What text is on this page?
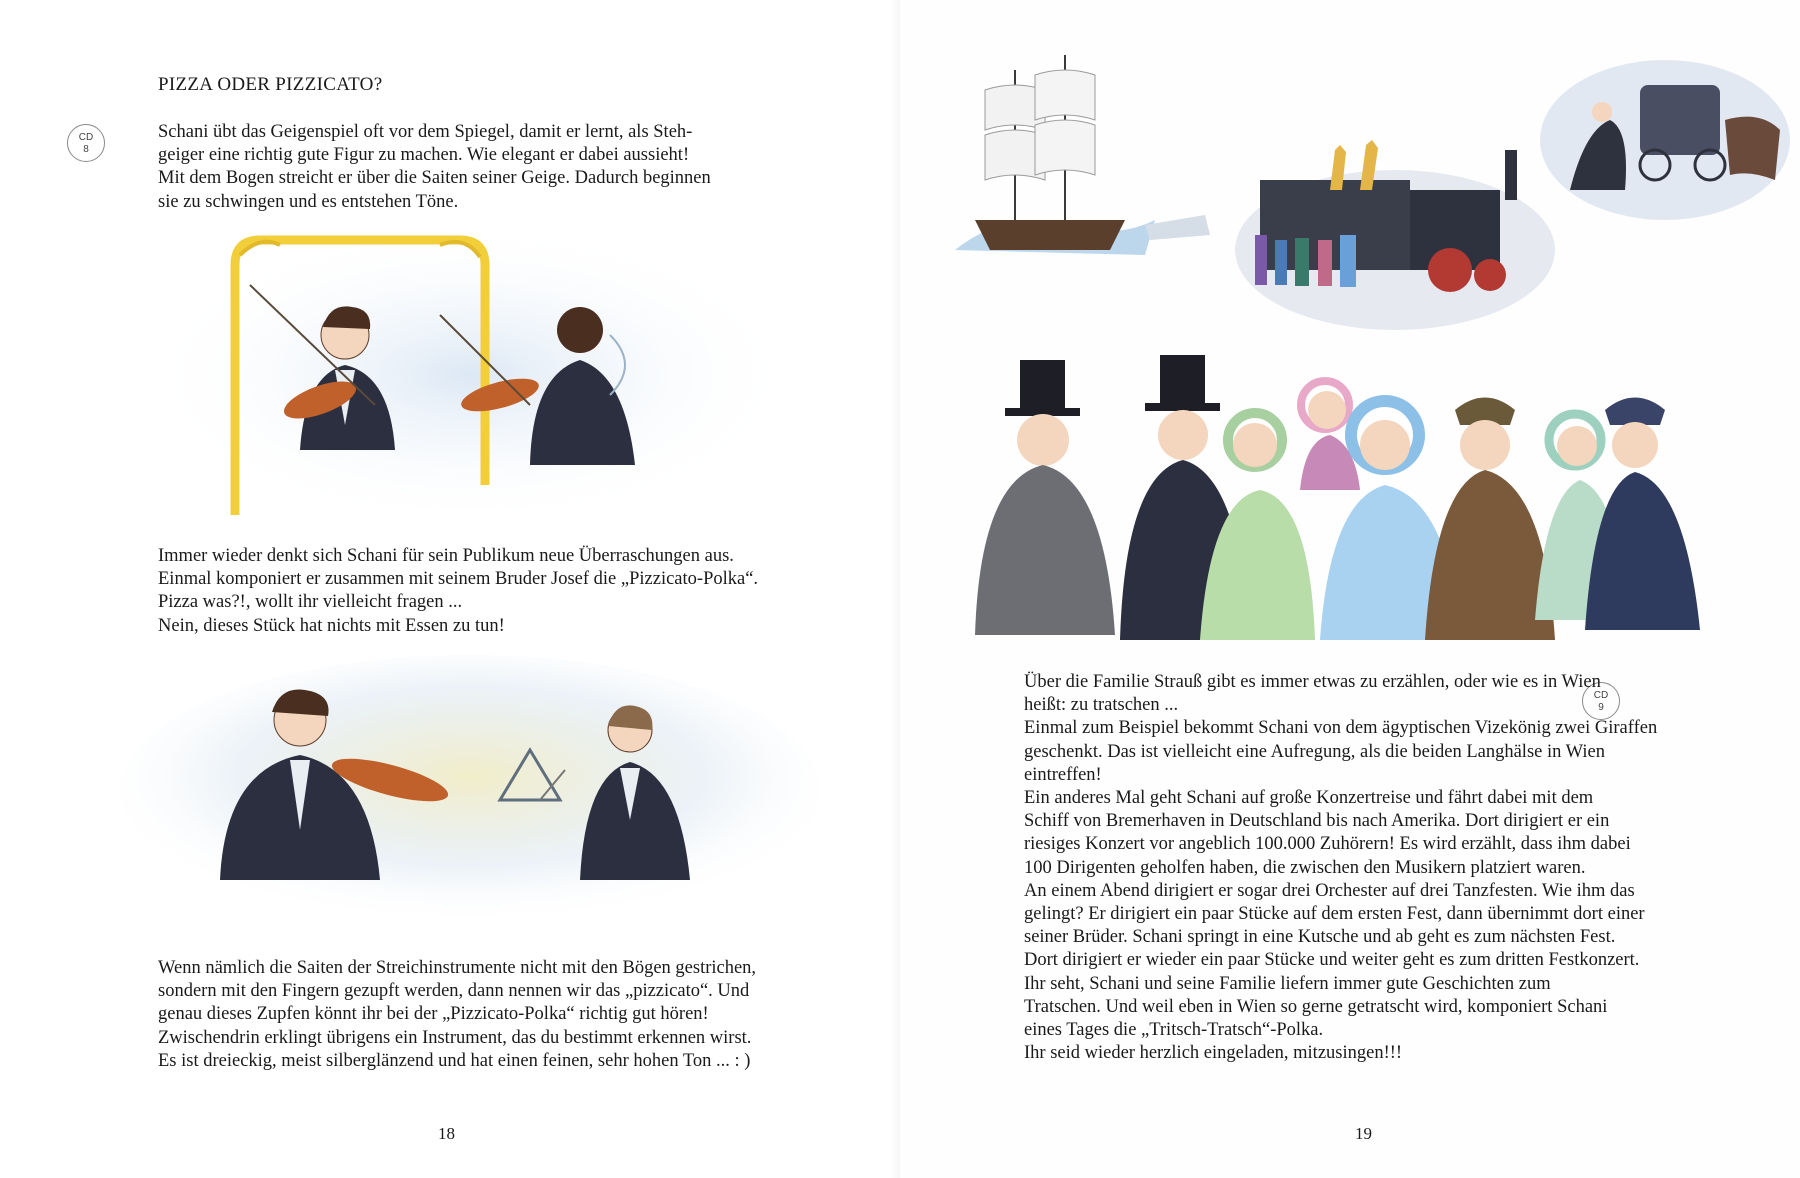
PIZZA ODER PIZZICATO?
CD
8
Schani übt das Geigenspiel oft vor dem Spiegel, damit er lernt, als Steh-
geiger eine richtig gute Figur zu machen. Wie elegant er dabei aussieht!
Mit dem Bogen streicht er über die Saiten seiner Geige. Dadurch beginnen
sie zu schwingen und es entstehen Töne.
Immer wieder denkt sich Schani für sein Publikum neue Überraschungen aus.
Einmal komponiert er zusammen mit seinem Bruder Josef die „Pizzicato-Polka“.
Pizza was?!, wollt ihr vielleicht fragen ...
Nein, dieses Stück hat nichts mit Essen zu tun!
Wenn nämlich die Saiten der Streichinstrumente nicht mit den Bögen gestrichen,
sondern mit den Fingern gezupft werden, dann nennen wir das „pizzicato“. Und
genau dieses Zupfen könnt ihr bei der „Pizzicato-Polka“ richtig gut hören!
Zwischendrin erklingt übrigens ein Instrument, das du bestimmt erkennen wirst.
Es ist dreieckig, meist silberglänzend und hat einen feinen, sehr hohen Ton ... : )
18
CD
9
Über die Familie Strauß gibt es immer etwas zu erzählen, oder wie es in Wien
heißt: zu tratschen ...
Einmal zum Beispiel bekommt Schani von dem ägyptischen Vizekönig zwei Giraffen
geschenkt. Das ist vielleicht eine Aufregung, als die beiden Langhälse in Wien
eintreffen!
Ein anderes Mal geht Schani auf große Konzertreise und fährt dabei mit dem
Schiff von Bremerhaven in Deutschland bis nach Amerika. Dort dirigiert er ein
riesiges Konzert vor angeblich 100.000 Zuhörern! Es wird erzählt, dass ihm dabei
100 Dirigenten geholfen haben, die zwischen den Musikern platziert waren.
An einem Abend dirigiert er sogar drei Orchester auf drei Tanzfesten. Wie ihm das
gelingt? Er dirigiert ein paar Stücke auf dem ersten Fest, dann übernimmt dort einer
seiner Brüder. Schani springt in eine Kutsche und ab geht es zum nächsten Fest.
Dort dirigiert er wieder ein paar Stücke und weiter geht es zum dritten Festkonzert.
Ihr seht, Schani und seine Familie liefern immer gute Geschichten zum
Tratschen. Und weil eben in Wien so gerne getratscht wird, komponiert Schani
eines Tages die „Tritsch-Tratsch“-Polka.
Ihr seid wieder herzlich eingeladen, mitzusingen!!!
19
